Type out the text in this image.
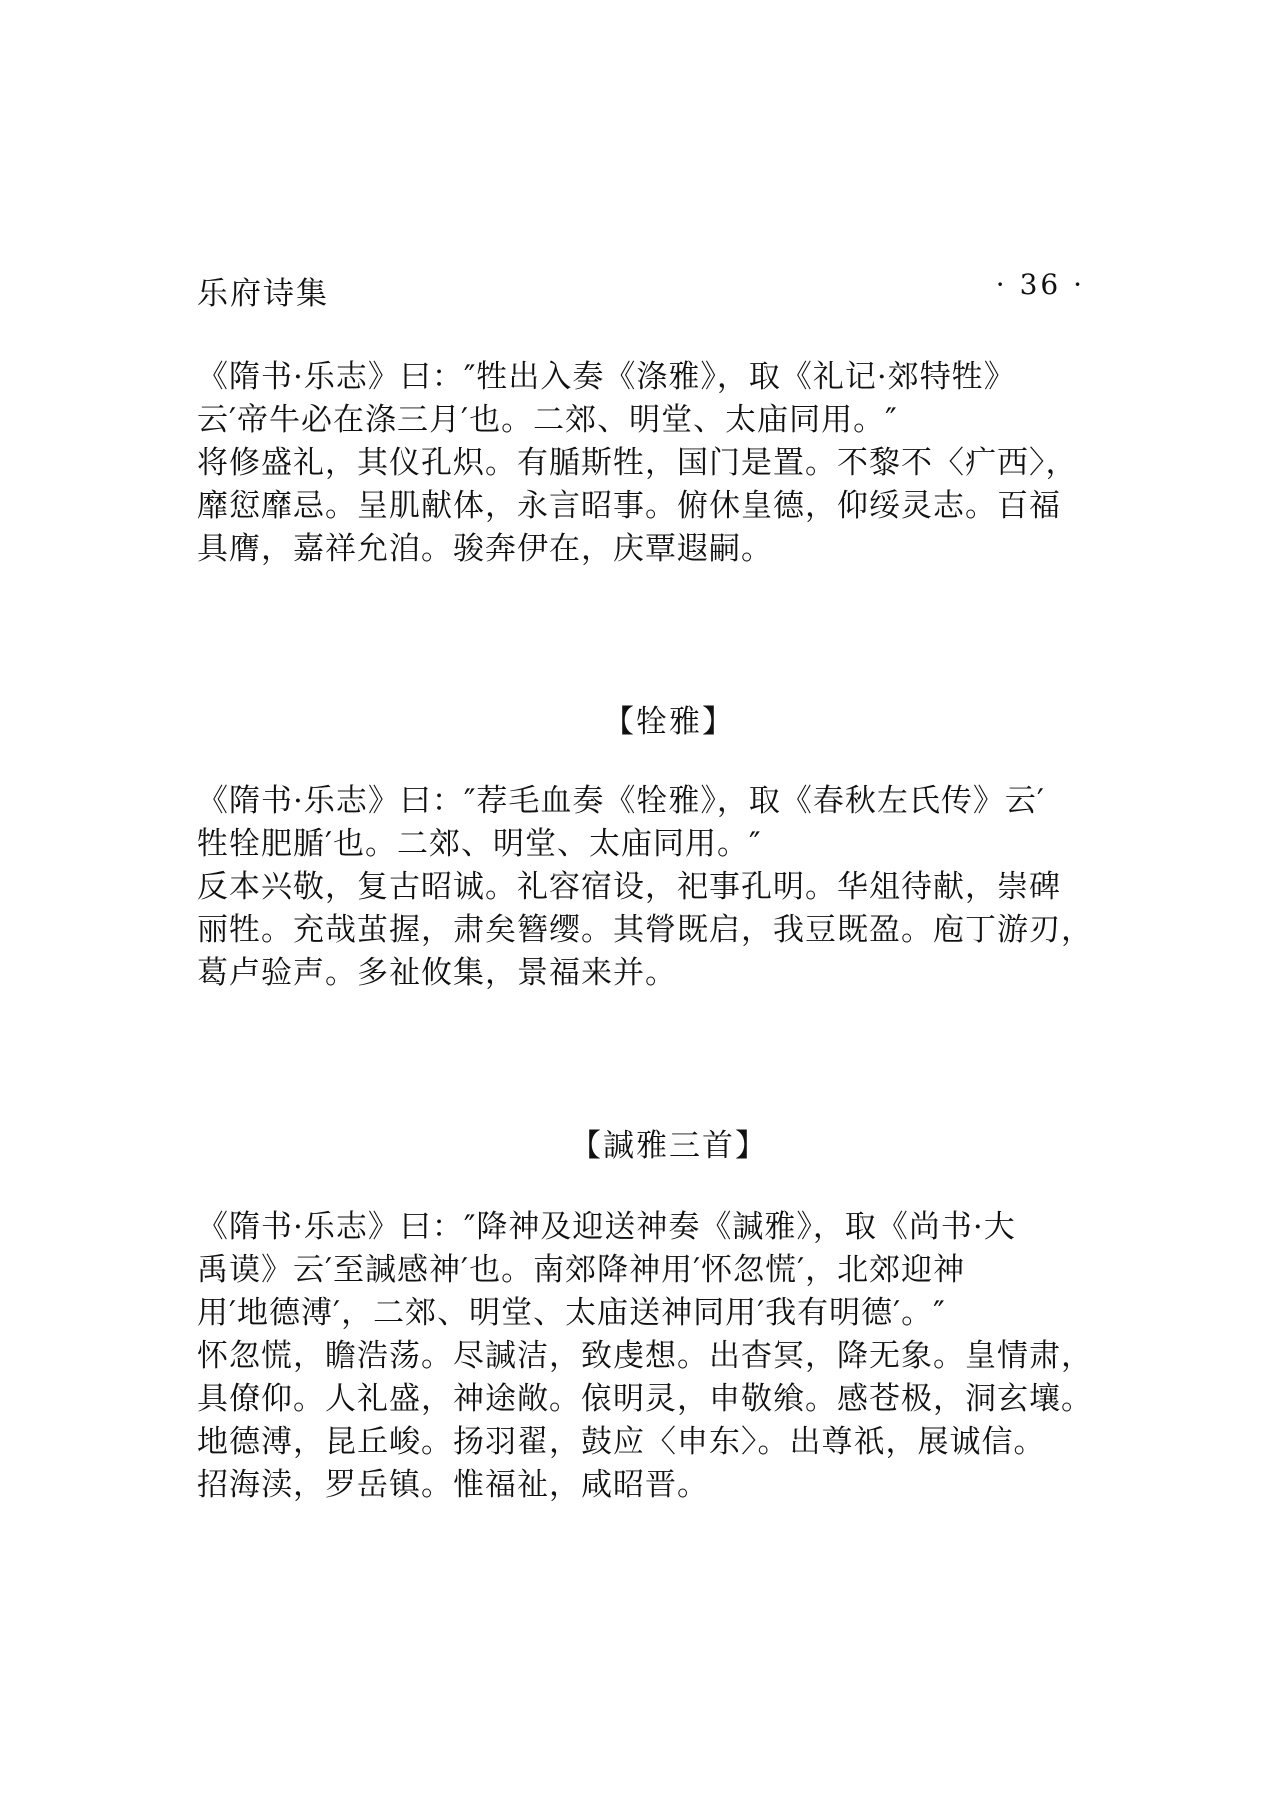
乐府诗集	· 36 ·
《隋书·乐志》曰：″牲出入奏《涤雅》，取《礼记·郊特牲》
云′帝牛必在涤三月′也。二郊、明堂、太庙同用。″
将修盛礼，其仪孔炽。有腯斯牲，国门是置。不黎不〈疒西〉，
靡愆靡忌。呈肌献体，永言昭事。俯休皇德，仰绥灵志。百福
具膺，嘉祥允洎。骏奔伊在，庆覃遐嗣。
【牷雅】
《隋书·乐志》曰：″荐毛血奏《牷雅》，取《春秋左氏传》云′
牲牷肥腯′也。二郊、明堂、太庙同用。″
反本兴敬，复古昭诚。礼容宿设，祀事孔明。华俎待献，崇碑
丽牲。充哉茧握，肃矣簪缨。其膋既启，我豆既盈。庖丁游刃，
葛卢验声。多祉攸集，景福来并。
【諴雅三首】
《隋书·乐志》曰：″降神及迎送神奏《諴雅》，取《尚书·大
禹谟》云′至諴感神′也。南郊降神用′怀忽慌′，北郊迎神
用′地德溥′，二郊、明堂、太庙送神同用′我有明德′。″
怀忽慌，瞻浩荡。尽諴洁，致虔想。出杳冥，降无象。皇情肃，
具僚仰。人礼盛，神途敞。偯明灵，申敬飨。感苍极，洞玄壤。
地德溥，昆丘峻。扬羽翟，鼓应〈申东〉。出尊祇，展诚信。
招海渎，罗岳镇。惟福祉，咸昭晋。
